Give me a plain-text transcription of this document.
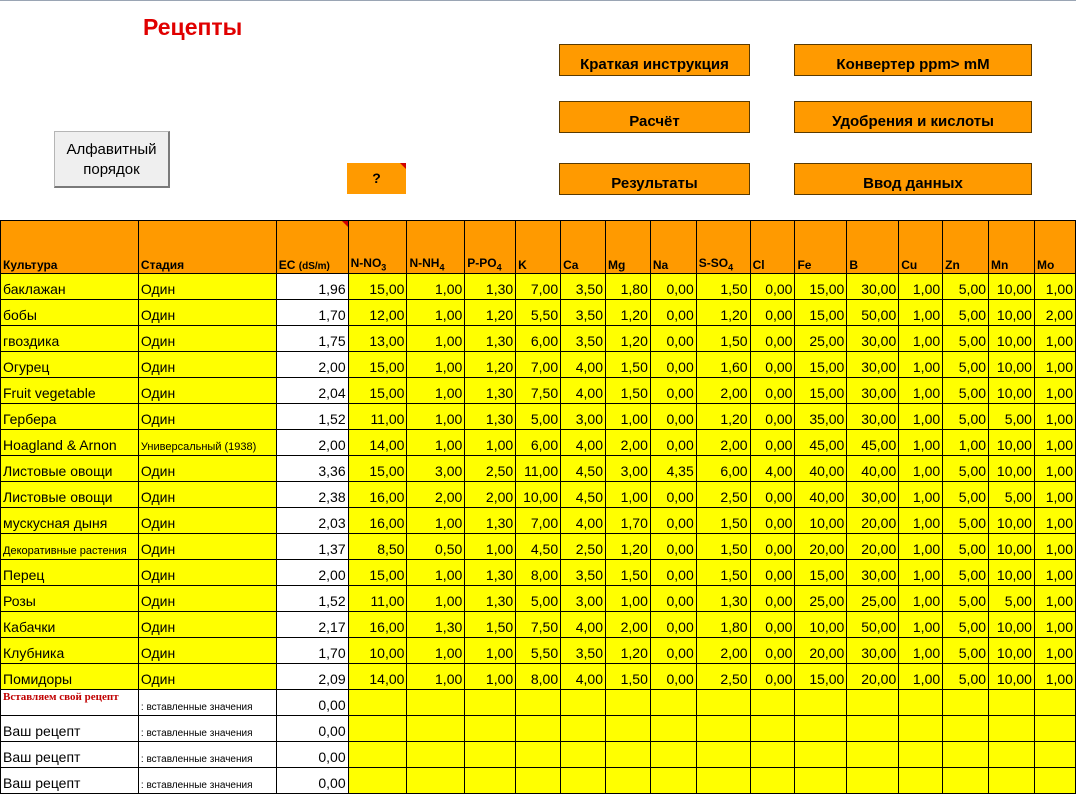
Рецепты
Алфавитный порядок	?
Краткая инструкция	Конвертер ppm> mM
Расчёт	Удобрения и кислоты
Результаты	Ввод данных
Культура	Стадия	EC (dS/m)	$N-NO_3$	$N-NH_4$	$P-PO_4$	K	Ca	Mg	Na	$S-SO_4$	Cl	Fe	B	Cu	Zn	Mn	Mo
баклажан	Один	1,96	15,00	1,00	1,30	7,00	3,50	1,80	0,00	1,50	0,00	15,00	30,00	1,00	5,00	10,00	1,00
бобы	Один	1,70	12,00	1,00	1,20	5,50	3,50	1,20	0,00	1,20	0,00	15,00	50,00	1,00	5,00	10,00	2,00
гвоздика	Один	1,75	13,00	1,00	1,30	6,00	3,50	1,20	0,00	1,50	0,00	25,00	30,00	1,00	5,00	10,00	1,00
Огурец	Один	2,00	15,00	1,00	1,20	7,00	4,00	1,50	0,00	1,60	0,00	15,00	30,00	1,00	5,00	10,00	1,00
Fruit vegetable	Один	2,04	15,00	1,00	1,30	7,50	4,00	1,50	0,00	2,00	0,00	15,00	30,00	1,00	5,00	10,00	1,00
Гербера	Один	1,52	11,00	1,00	1,30	5,00	3,00	1,00	0,00	1,20	0,00	35,00	30,00	1,00	5,00	5,00	1,00
Hoagland & Arnon	Универсальный (1938)	2,00	14,00	1,00	1,00	6,00	4,00	2,00	0,00	2,00	0,00	45,00	45,00	1,00	1,00	10,00	1,00
Листовые овощи	Один	3,36	15,00	3,00	2,50	11,00	4,50	3,00	4,35	6,00	4,00	40,00	40,00	1,00	5,00	10,00	1,00
Листовые овощи	Один	2,38	16,00	2,00	2,00	10,00	4,50	1,00	0,00	2,50	0,00	40,00	30,00	1,00	5,00	5,00	1,00
мускусная дыня	Один	2,03	16,00	1,00	1,30	7,00	4,00	1,70	0,00	1,50	0,00	10,00	20,00	1,00	5,00	10,00	1,00
Декоративные растения	Один	1,37	8,50	0,50	1,00	4,50	2,50	1,20	0,00	1,50	0,00	20,00	20,00	1,00	5,00	10,00	1,00
Перец	Один	2,00	15,00	1,00	1,30	8,00	3,50	1,50	0,00	1,50	0,00	15,00	30,00	1,00	5,00	10,00	1,00
Розы	Один	1,52	11,00	1,00	1,30	5,00	3,00	1,00	0,00	1,30	0,00	25,00	25,00	1,00	5,00	5,00	1,00
Кабачки	Один	2,17	16,00	1,30	1,50	7,50	4,00	2,00	0,00	1,80	0,00	10,00	50,00	1,00	5,00	10,00	1,00
Клубника	Один	1,70	10,00	1,00	1,00	5,50	3,50	1,20	0,00	2,00	0,00	20,00	30,00	1,00	5,00	10,00	1,00
Помидоры	Один	2,09	14,00	1,00	1,00	8,00	4,00	1,50	0,00	2,50	0,00	15,00	20,00	1,00	5,00	10,00	1,00
Вставляем свой рецепт	: вставленные значения	0,00															
Ваш рецепт	: вставленные значения	0,00															
Ваш рецепт	: вставленные значения	0,00															
Ваш рецепт	: вставленные значения	0,00															
